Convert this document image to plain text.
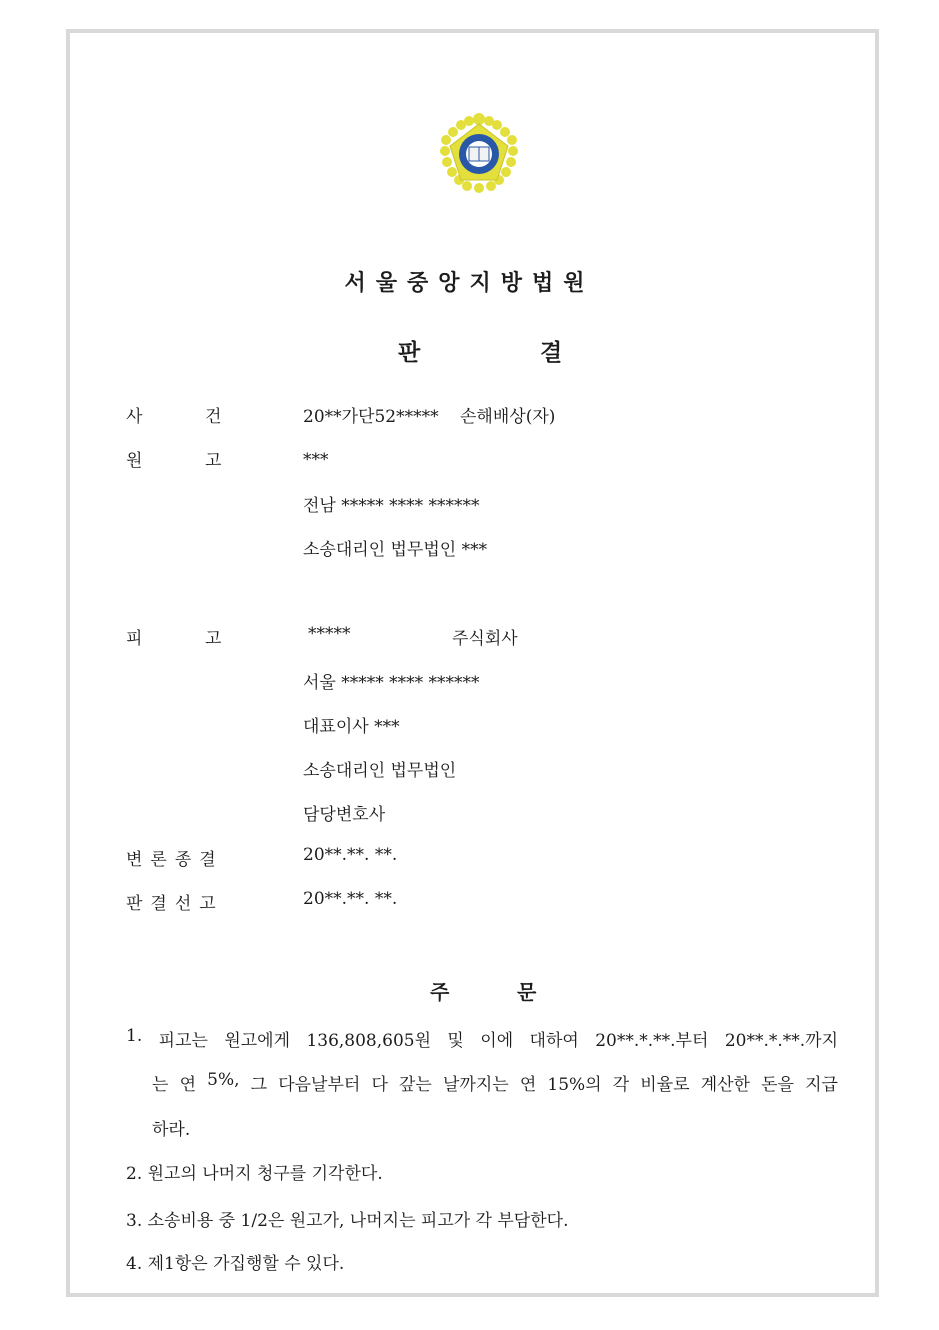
서울중앙지방법원
판	결
사	건	20**가단52***** 손해배상(자)
원	고	***
전남 ***** **** ******
소송대리인 법무법인 ***
피	고	*****	주식회사
서울 ***** **** ******
대표이사 ***
소송대리인 법무법인
담당변호사
변론종결	20**.**. **.
판결선고	20**.**. **.
주	문
1. 피고는 원고에게 136,808,605원 및 이에 대하여 20**.*.**.부터 20**.*.**.까지
는 연 5%, 그 다음날부터 다 갚는 날까지는 연 15%의 각 비율로 계산한 돈을 지급
하라.
2. 원고의 나머지 청구를 기각한다.
3. 소송비용 중 1/2은 원고가, 나머지는 피고가 각 부담한다.
4. 제1항은 가집행할 수 있다.
